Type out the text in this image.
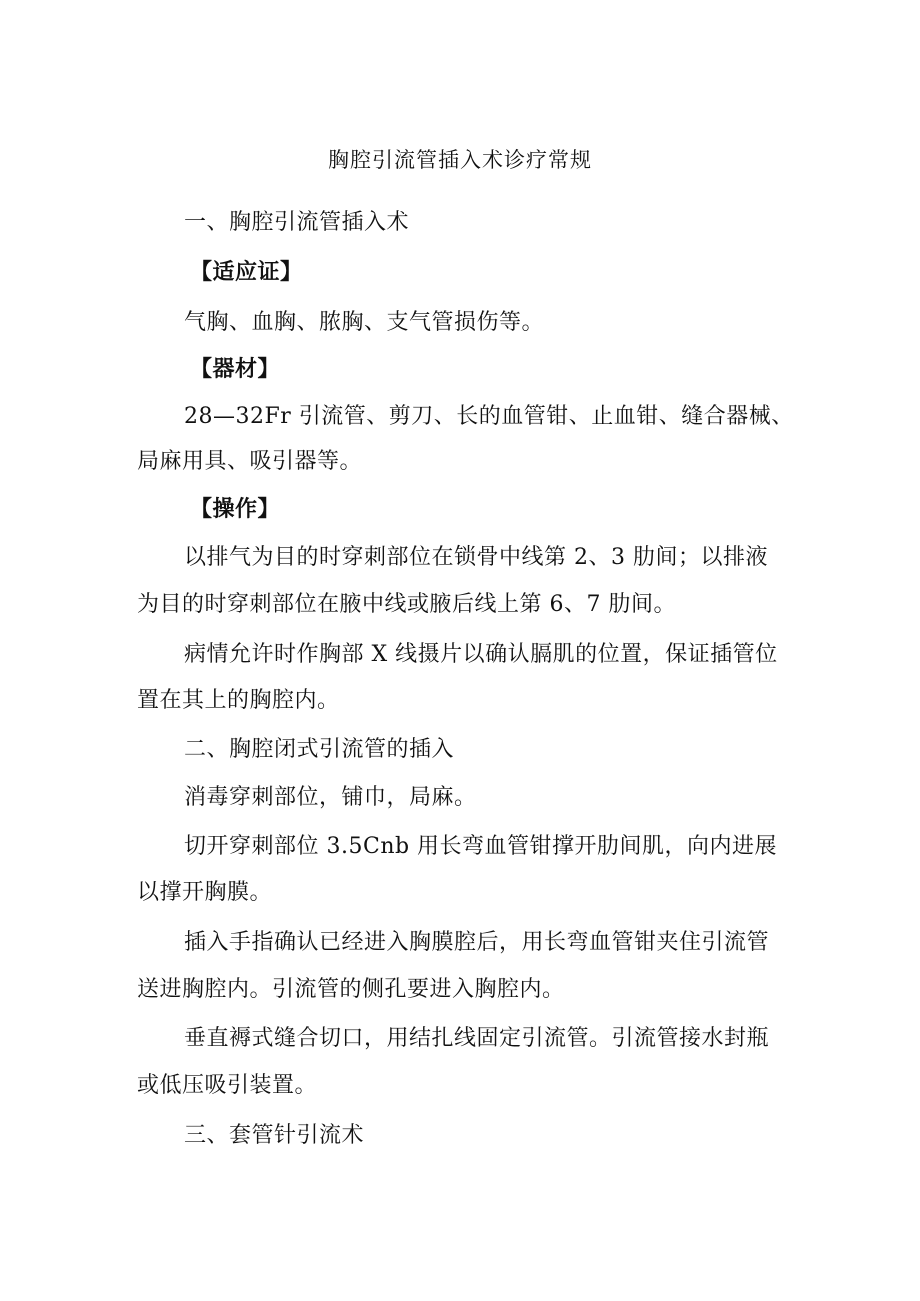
胸腔引流管插入术诊疗常规
一、胸腔引流管插入术
【适应证】
气胸、血胸、脓胸、支气管损伤等。
【器材】
28—32Fr 引流管、剪刀、长的血管钳、止血钳、缝合器械、
局麻用具、吸引器等。
【操作】
以排气为目的时穿刺部位在锁骨中线第 2、3 肋间；以排液
为目的时穿刺部位在腋中线或腋后线上第 6、7 肋间。
病情允许时作胸部 X 线摄片以确认膈肌的位置，保证插管位
置在其上的胸腔内。
二、胸腔闭式引流管的插入
消毒穿刺部位，铺巾，局麻。
切开穿刺部位 3.5Cnb 用长弯血管钳撑开肋间肌，向内进展
以撑开胸膜。
插入手指确认已经进入胸膜腔后，用长弯血管钳夹住引流管
送进胸腔内。引流管的侧孔要进入胸腔内。
垂直褥式缝合切口，用结扎线固定引流管。引流管接水封瓶
或低压吸引装置。
三、套管针引流术
